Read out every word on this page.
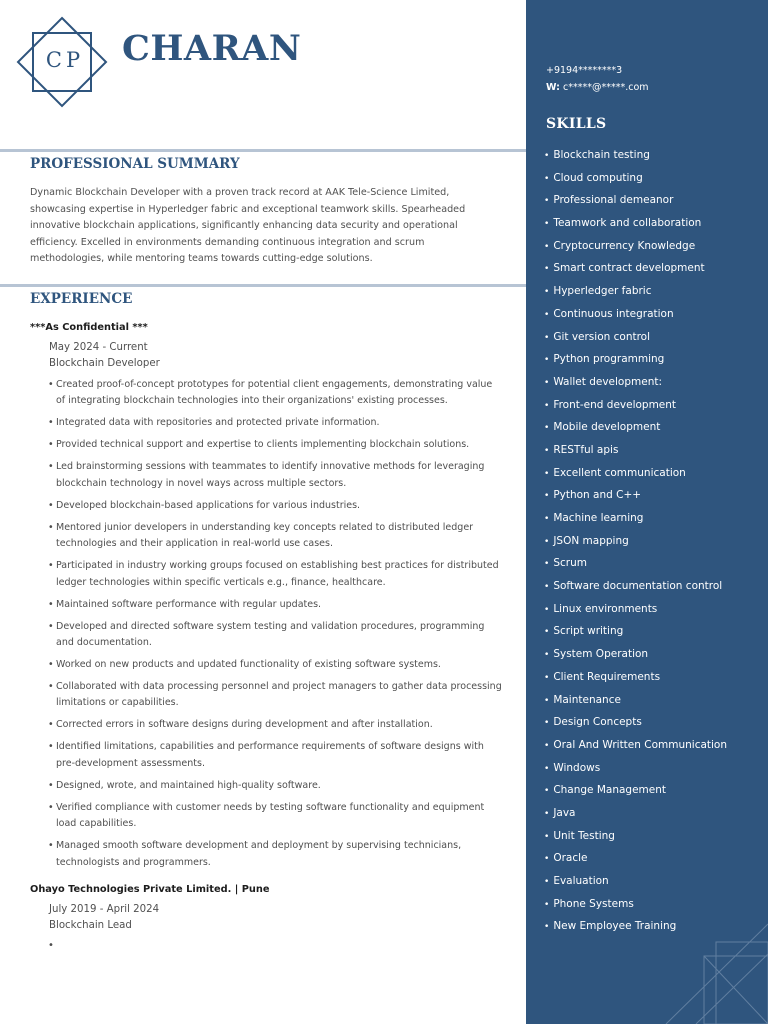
CP	CHARAN
PROFESSIONAL SUMMARY

Dynamic Blockchain Developer with a proven track record at AAK Tele-Science Limited, showcasing expertise in Hyperledger fabric and exceptional teamwork skills. Spearheaded innovative blockchain applications, significantly enhancing data security and operational efficiency. Excelled in environments demanding continuous integration and scrum methodologies, while mentoring teams towards cutting-edge solutions.

EXPERIENCE

***As Confidential ***

May 2024 - Current

Blockchain Developer

• Created proof-of-concept prototypes for potential client engagements, demonstrating value of integrating blockchain technologies into their organizations' existing processes.
• Integrated data with repositories and protected private information.
• Provided technical support and expertise to clients implementing blockchain solutions.
• Led brainstorming sessions with teammates to identify innovative methods for leveraging blockchain technology in novel ways across multiple sectors.
• Developed blockchain-based applications for various industries.
• Mentored junior developers in understanding key concepts related to distributed ledger technologies and their application in real-world use cases.
• Participated in industry working groups focused on establishing best practices for distributed ledger technologies within specific verticals e.g., finance, healthcare.
• Maintained software performance with regular updates.
• Developed and directed software system testing and validation procedures, programming and documentation.
• Worked on new products and updated functionality of existing software systems.
• Collaborated with data processing personnel and project managers to gather data processing limitations or capabilities.
• Corrected errors in software designs during development and after installation.
• Identified limitations, capabilities and performance requirements of software designs with pre-development assessments.
• Designed, wrote, and maintained high-quality software.
• Verified compliance with customer needs by testing software functionality and equipment load capabilities.
• Managed smooth software development and deployment by supervising technicians, technologists and programmers.

Ohayo Technologies Private Limited. | Pune

July 2019 - April 2024

Blockchain Lead

•
+9194********3
W: c*****@*****.com
SKILLS
• Blockchain testing
• Cloud computing
• Professional demeanor
• Teamwork and collaboration
• Cryptocurrency Knowledge
• Smart contract development
• Hyperledger fabric
• Continuous integration
• Git version control
• Python programming
• Wallet development:
• Front-end development
• Mobile development
• RESTful apis
• Excellent communication
• Python and C++
• Machine learning
• JSON mapping
• Scrum
• Software documentation control
• Linux environments
• Script writing
• System Operation
• Client Requirements
• Maintenance
• Design Concepts
• Oral And Written Communication
• Windows
• Change Management
• Java
• Unit Testing
• Oracle
• Evaluation
• Phone Systems
• New Employee Training
